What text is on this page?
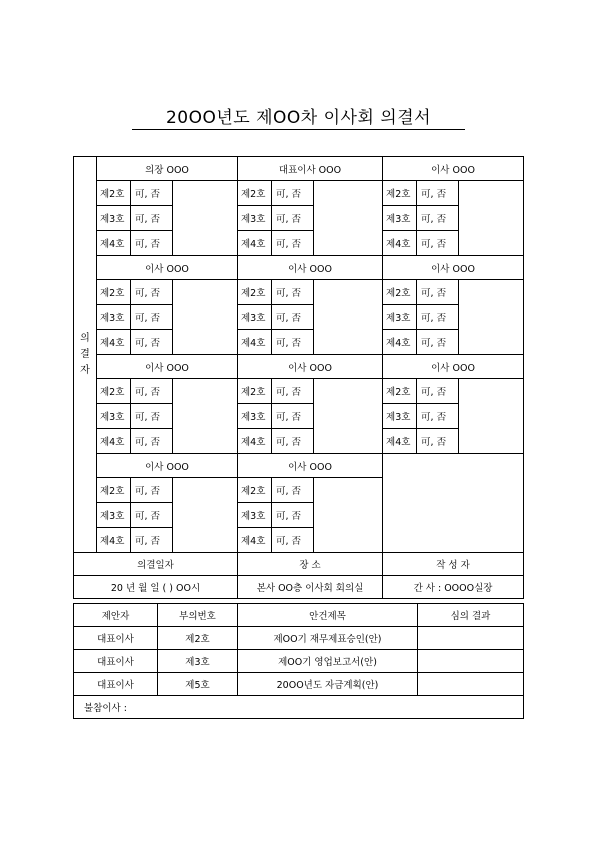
20OO년도 제OO차 이사회 의결서
의
결
자	의장 OOO			대표이사 OOO			이사 OOO		
	제2호	可, 否		제2호	可, 否		제2호	可, 否	
	제3호	可, 否		제3호	可, 否		제3호	可, 否	
	제4호	可, 否		제4호	可, 否		제4호	可, 否	
	이사 OOO			이사 OOO			이사 OOO		
	제2호	可, 否		제2호	可, 否		제2호	可, 否	
	제3호	可, 否		제3호	可, 否		제3호	可, 否	
	제4호	可, 否		제4호	可, 否		제4호	可, 否	
	이사 OOO			이사 OOO			이사 OOO		
	제2호	可, 否		제2호	可, 否		제2호	可, 否	
	제3호	可, 否		제3호	可, 否		제3호	可, 否	
	제4호	可, 否		제4호	可, 否		제4호	可, 否	
	이사 OOO			이사 OOO					
	제2호	可, 否		제2호	可, 否				
	제3호	可, 否		제3호	可, 否				
	제4호	可, 否		제4호	可, 否				
의결일자				장 소			작 성 자		
20 년 월 일 ( ) OO시				본사 OO층 이사회 회의실			간 사 : OOOO실장		
제안자	부의번호	안건제목	심의 결과
대표이사	제2호	제OO기 재무제표승인(안)	
대표이사	제3호	제OO기 영업보고서(안)	
대표이사	제5호	20OO년도 자금계획(안)	
불참이사 :			
